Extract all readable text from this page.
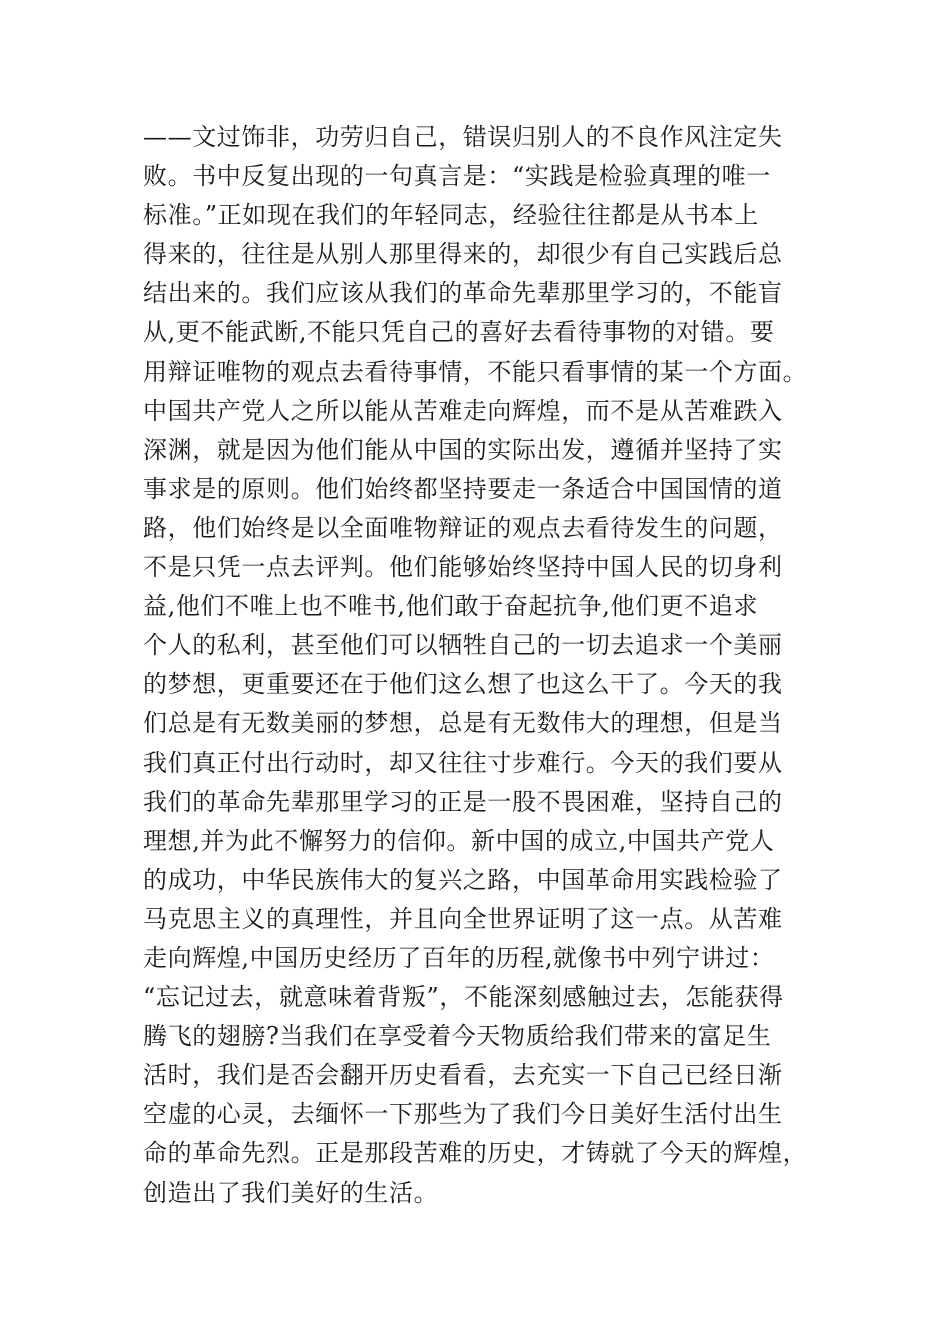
——文过饰非，功劳归自己，错误归别人的不良作风注定失
败。书中反复出现的一句真言是：“实践是检验真理的唯一
标准。”正如现在我们的年轻同志，经验往往都是从书本上
得来的，往往是从别人那里得来的，却很少有自己实践后总
结出来的。我们应该从我们的革命先辈那里学习的，不能盲
从,更不能武断,不能只凭自己的喜好去看待事物的对错。要
用辩证唯物的观点去看待事情，不能只看事情的某一个方面。
中国共产党人之所以能从苦难走向辉煌，而不是从苦难跌入
深渊，就是因为他们能从中国的实际出发，遵循并坚持了实
事求是的原则。他们始终都坚持要走一条适合中国国情的道
路，他们始终是以全面唯物辩证的观点去看待发生的问题，
不是只凭一点去评判。他们能够始终坚持中国人民的切身利
益,他们不唯上也不唯书,他们敢于奋起抗争,他们更不追求
个人的私利，甚至他们可以牺牲自己的一切去追求一个美丽
的梦想，更重要还在于他们这么想了也这么干了。今天的我
们总是有无数美丽的梦想，总是有无数伟大的理想，但是当
我们真正付出行动时，却又往往寸步难行。今天的我们要从
我们的革命先辈那里学习的正是一股不畏困难，坚持自己的
理想,并为此不懈努力的信仰。新中国的成立,中国共产党人
的成功，中华民族伟大的复兴之路，中国革命用实践检验了
马克思主义的真理性，并且向全世界证明了这一点。从苦难
走向辉煌,中国历史经历了百年的历程,就像书中列宁讲过：
“忘记过去，就意味着背叛”，不能深刻感触过去，怎能获得
腾飞的翅膀?当我们在享受着今天物质给我们带来的富足生
活时，我们是否会翻开历史看看，去充实一下自己已经日渐
空虚的心灵，去缅怀一下那些为了我们今日美好生活付出生
命的革命先烈。正是那段苦难的历史，才铸就了今天的辉煌，
创造出了我们美好的生活。
